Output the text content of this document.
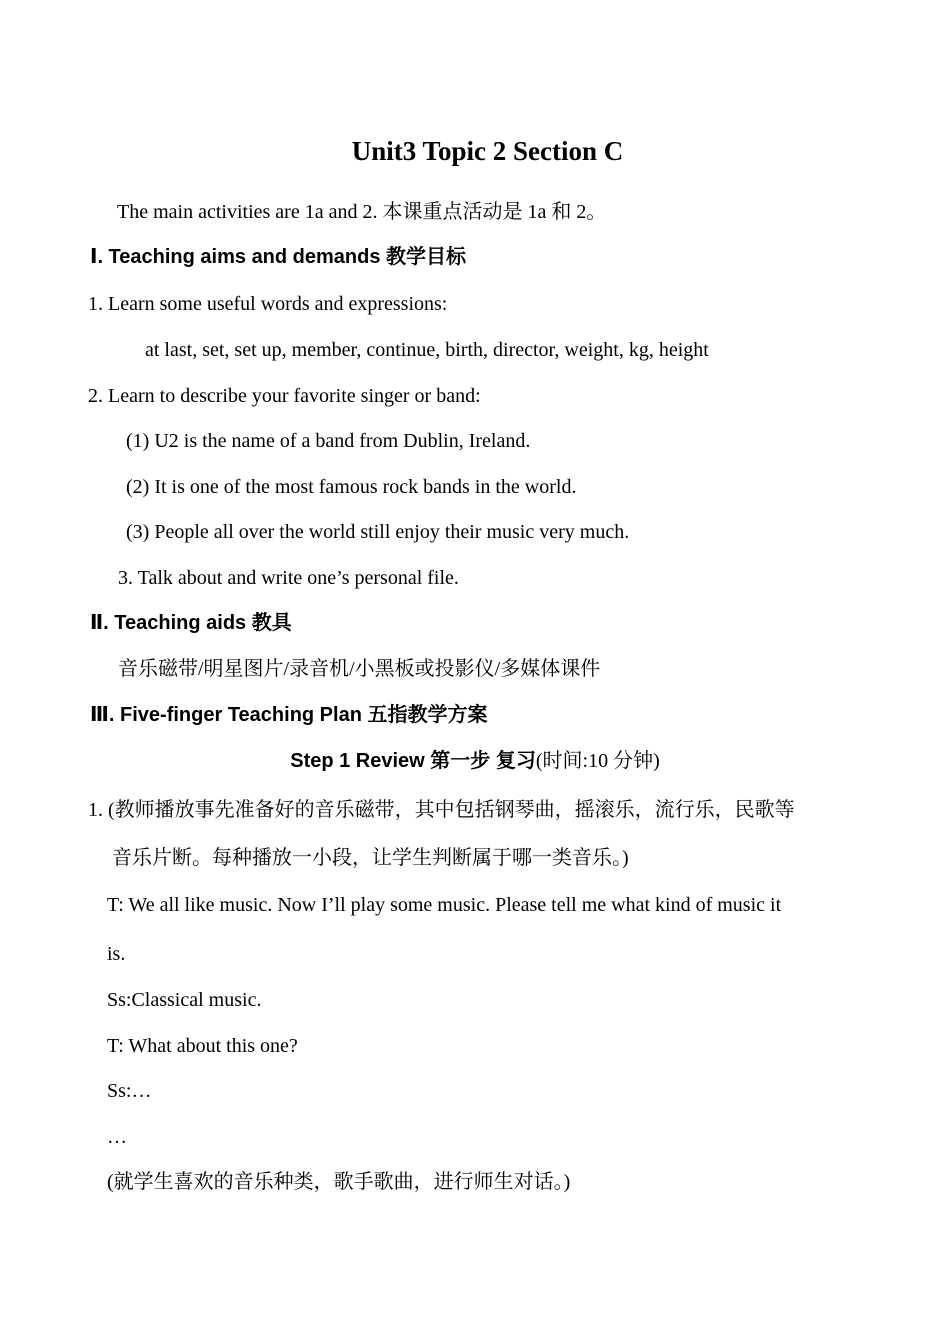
Unit3 Topic 2 Section C
The main activities are 1a and 2. 本课重点活动是 1a 和 2。
Ⅰ. Teaching aims and demands 教学目标
1. Learn some useful words and expressions:
at last, set, set up, member, continue, birth, director, weight, kg, height
2. Learn to describe your favorite singer or band:
(1) U2 is the name of a band from Dublin, Ireland.
(2) It is one of the most famous rock bands in the world.
(3) People all over the world still enjoy their music very much.
3. Talk about and write one’s personal file.
Ⅱ. Teaching aids 教具
音乐磁带/明星图片/录音机/小黑板或投影仪/多媒体课件
Ⅲ. Five-finger Teaching Plan 五指教学方案
Step 1 Review 第一步 复习(时间:10 分钟)
1. (教师播放事先准备好的音乐磁带，其中包括钢琴曲，摇滚乐，流行乐，民歌等
音乐片断。每种播放一小段，让学生判断属于哪一类音乐。)
T: We all like music. Now I’ll play some music. Please tell me what kind of music it
is.
Ss:Classical music.
T: What about this one?
Ss:…
…
(就学生喜欢的音乐种类，歌手歌曲，进行师生对话。)
